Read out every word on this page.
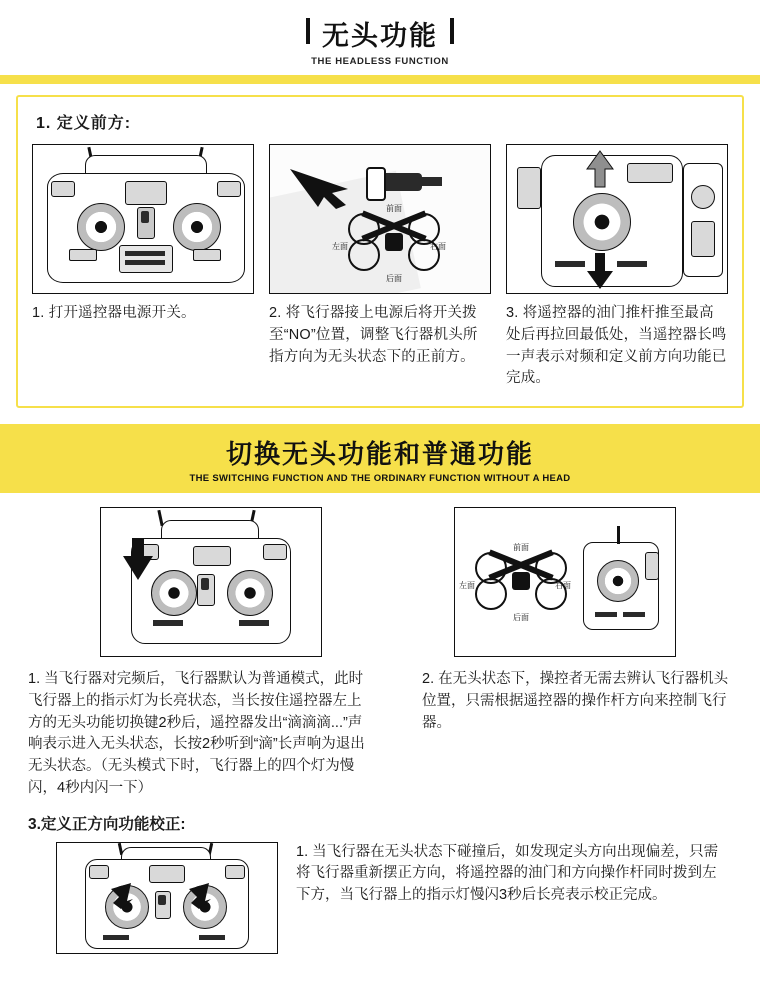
无头功能
THE HEADLESS FUNCTION
1. 定义前方:
1. 打开遥控器电源开关。
前面
后面
左面	右面
2. 将飞行器接上电源后将开关拨至“NO”位置，调整飞行器机头所指方向为无头状态下的正前方。
3. 将遥控器的油门推杆推至最高处后再拉回最低处，当遥控器长鸣一声表示对频和定义前方向功能已完成。
切换无头功能和普通功能
THE SWITCHING FUNCTION AND THE ORDINARY FUNCTION WITHOUT A HEAD
前面
后面
左面	右面
1. 当飞行器对完频后，飞行器默认为普通模式，此时飞行器上的指示灯为长亮状态，当长按住遥控器左上方的无头功能切换键2秒后，遥控器发出“滴滴滴...”声响表示进入无头状态，长按2秒听到“滴”长声响为退出无头状态。（无头模式下时，飞行器上的四个灯为慢闪，4秒内闪一下）
2. 在无头状态下，操控者无需去辨认飞行器机头位置，只需根据遥控器的操作杆方向来控制飞行器。
3.定义正方向功能校正:
1. 当飞行器在无头状态下碰撞后，如发现定头方向出现偏差，只需将飞行器重新摆正方向，将遥控器的油门和方向操作杆同时拨到左下方，当飞行器上的指示灯慢闪3秒后长亮表示校正完成。
